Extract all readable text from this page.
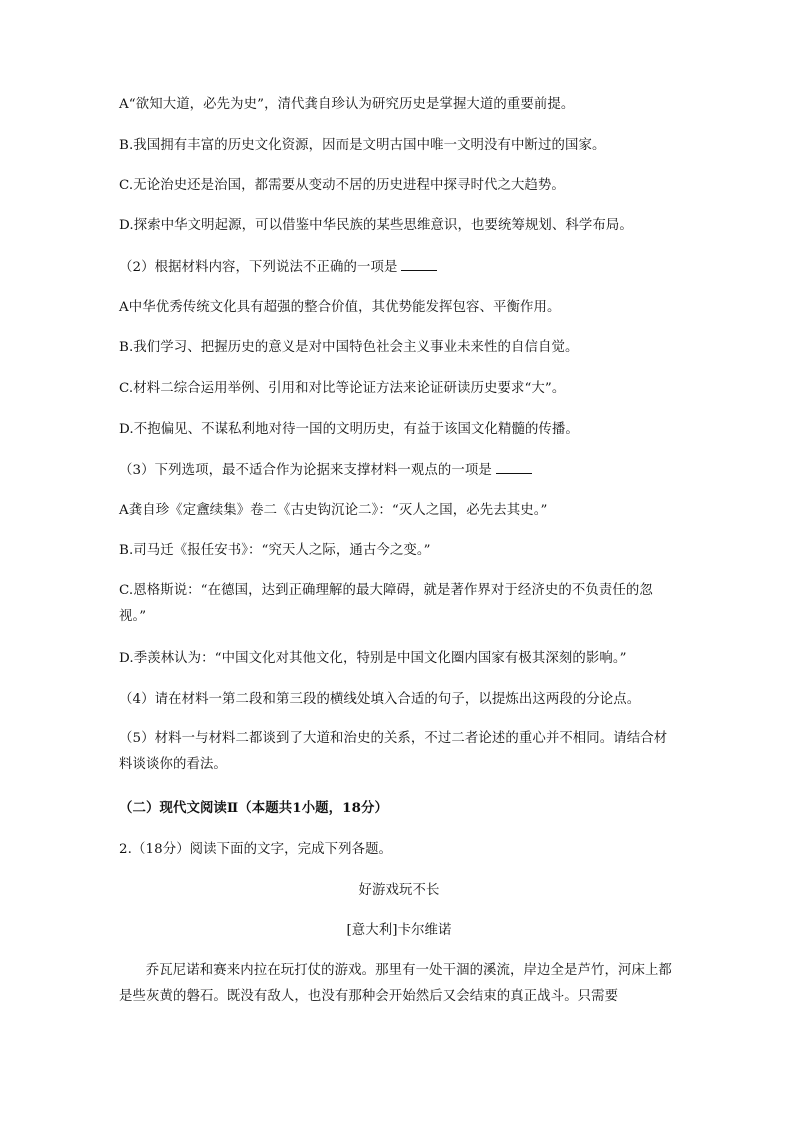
A“欲知大道，必先为史”，清代龚自珍认为研究历史是掌握大道的重要前提。
B.我国拥有丰富的历史文化资源，因而是文明古国中唯一文明没有中断过的国家。
C.无论治史还是治国，都需要从变动不居的历史进程中探寻时代之大趋势。
D.探索中华文明起源，可以借鉴中华民族的某些思维意识，也要统筹规划、科学布局。
（2）根据材料内容，下列说法不正确的一项是
A中华优秀传统文化具有超强的整合价值，其优势能发挥包容、平衡作用。
B.我们学习、把握历史的意义是对中国特色社会主义事业未来性的自信自觉。
C.材料二综合运用举例、引用和对比等论证方法来论证研读历史要求“大”。
D.不抱偏见、不谋私利地对待一国的文明历史，有益于该国文化精髓的传播。
（3）下列选项，最不适合作为论据来支撑材料一观点的一项是
A龚自珍《定盦续集》卷二《古史钩沉论二》：“灭人之国，必先去其史。”
B.司马迁《报任安书》：“究天人之际，通古今之变。”
C.恩格斯说：“在德国，达到正确理解的最大障碍，就是著作界对于经济史的不负责任的忽视。”
D.季羡林认为：“中国文化对其他文化，特别是中国文化圈内国家有极其深刻的影响。”
（4）请在材料一第二段和第三段的横线处填入合适的句子，以提炼出这两段的分论点。
（5）材料一与材料二都谈到了大道和治史的关系，不过二者论述的重心并不相同。请结合材料谈谈你的看法。
（二）现代文阅读Ⅱ（本题共1小题，18分）
2.（18分）阅读下面的文字，完成下列各题。
好游戏玩不长
[意大利]卡尔维诺
乔瓦尼诺和赛来内拉在玩打仗的游戏。那里有一处干涸的溪流，岸边全是芦竹，河床上都是些灰黄的磐石。既没有敌人，也没有那种会开始然后又会结束的真正战斗。只需要
